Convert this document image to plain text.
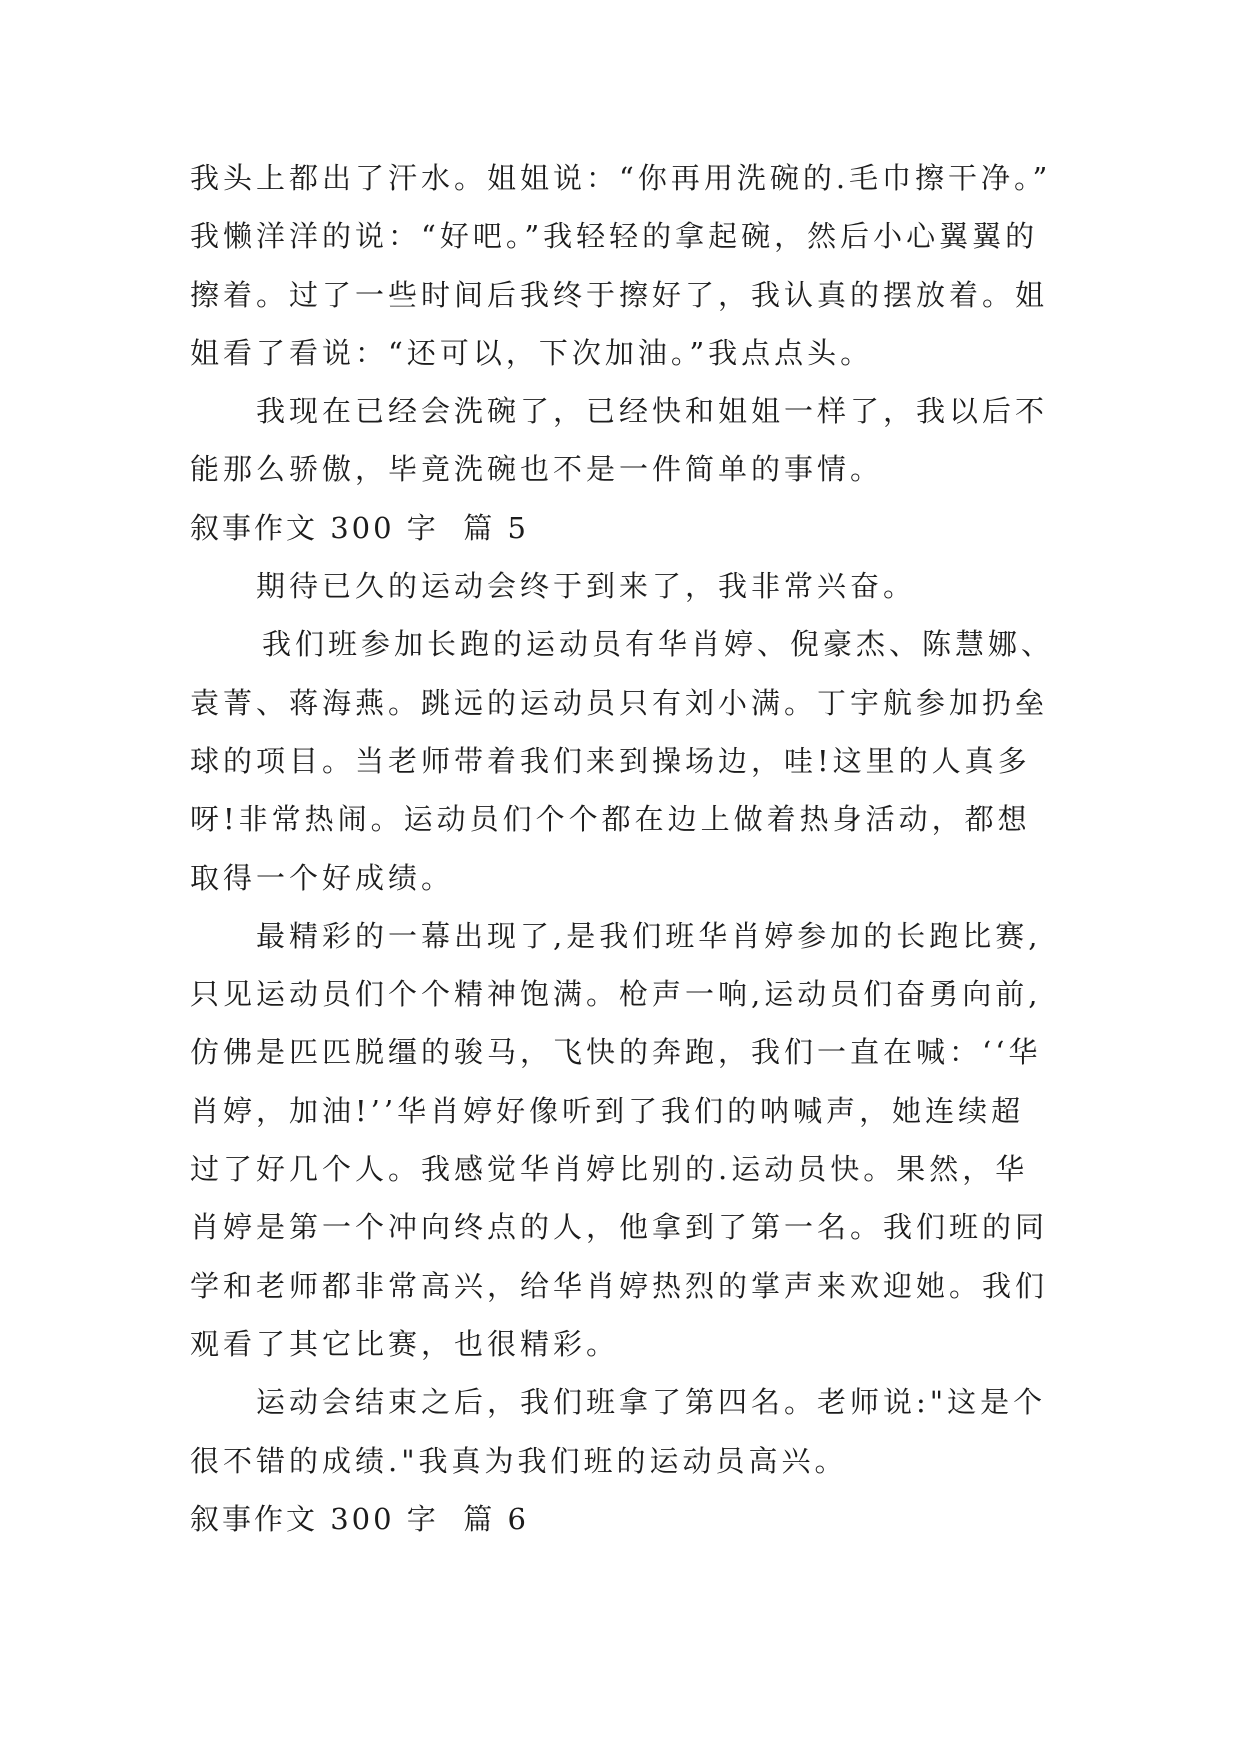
我头上都出了汗水。姐姐说：“你再用洗碗的.毛巾擦干净。”
我懒洋洋的说：“好吧。”我轻轻的拿起碗，然后小心翼翼的
擦着。过了一些时间后我终于擦好了，我认真的摆放着。姐
姐看了看说：“还可以，下次加油。”我点点头。
我现在已经会洗碗了，已经快和姐姐一样了，我以后不
能那么骄傲，毕竟洗碗也不是一件简单的事情。
叙事作文 300 字  篇 5
期待已久的运动会终于到来了，我非常兴奋。
我们班参加长跑的运动员有华肖婷、倪豪杰、陈慧娜、
袁菁、蒋海燕。跳远的运动员只有刘小满。丁宇航参加扔垒
球的项目。当老师带着我们来到操场边，哇!这里的人真多
呀!非常热闹。运动员们个个都在边上做着热身活动，都想
取得一个好成绩。
最精彩的一幕出现了,是我们班华肖婷参加的长跑比赛,
只见运动员们个个精神饱满。枪声一响,运动员们奋勇向前,
仿佛是匹匹脱缰的骏马，飞快的奔跑，我们一直在喊：‘‘华
肖婷，加油!’’华肖婷好像听到了我们的呐喊声，她连续超
过了好几个人。我感觉华肖婷比别的.运动员快。果然，华
肖婷是第一个冲向终点的人，他拿到了第一名。我们班的同
学和老师都非常高兴，给华肖婷热烈的掌声来欢迎她。我们
观看了其它比赛，也很精彩。
运动会结束之后，我们班拿了第四名。老师说:"这是个
很不错的成绩."我真为我们班的运动员高兴。
叙事作文 300 字  篇 6
